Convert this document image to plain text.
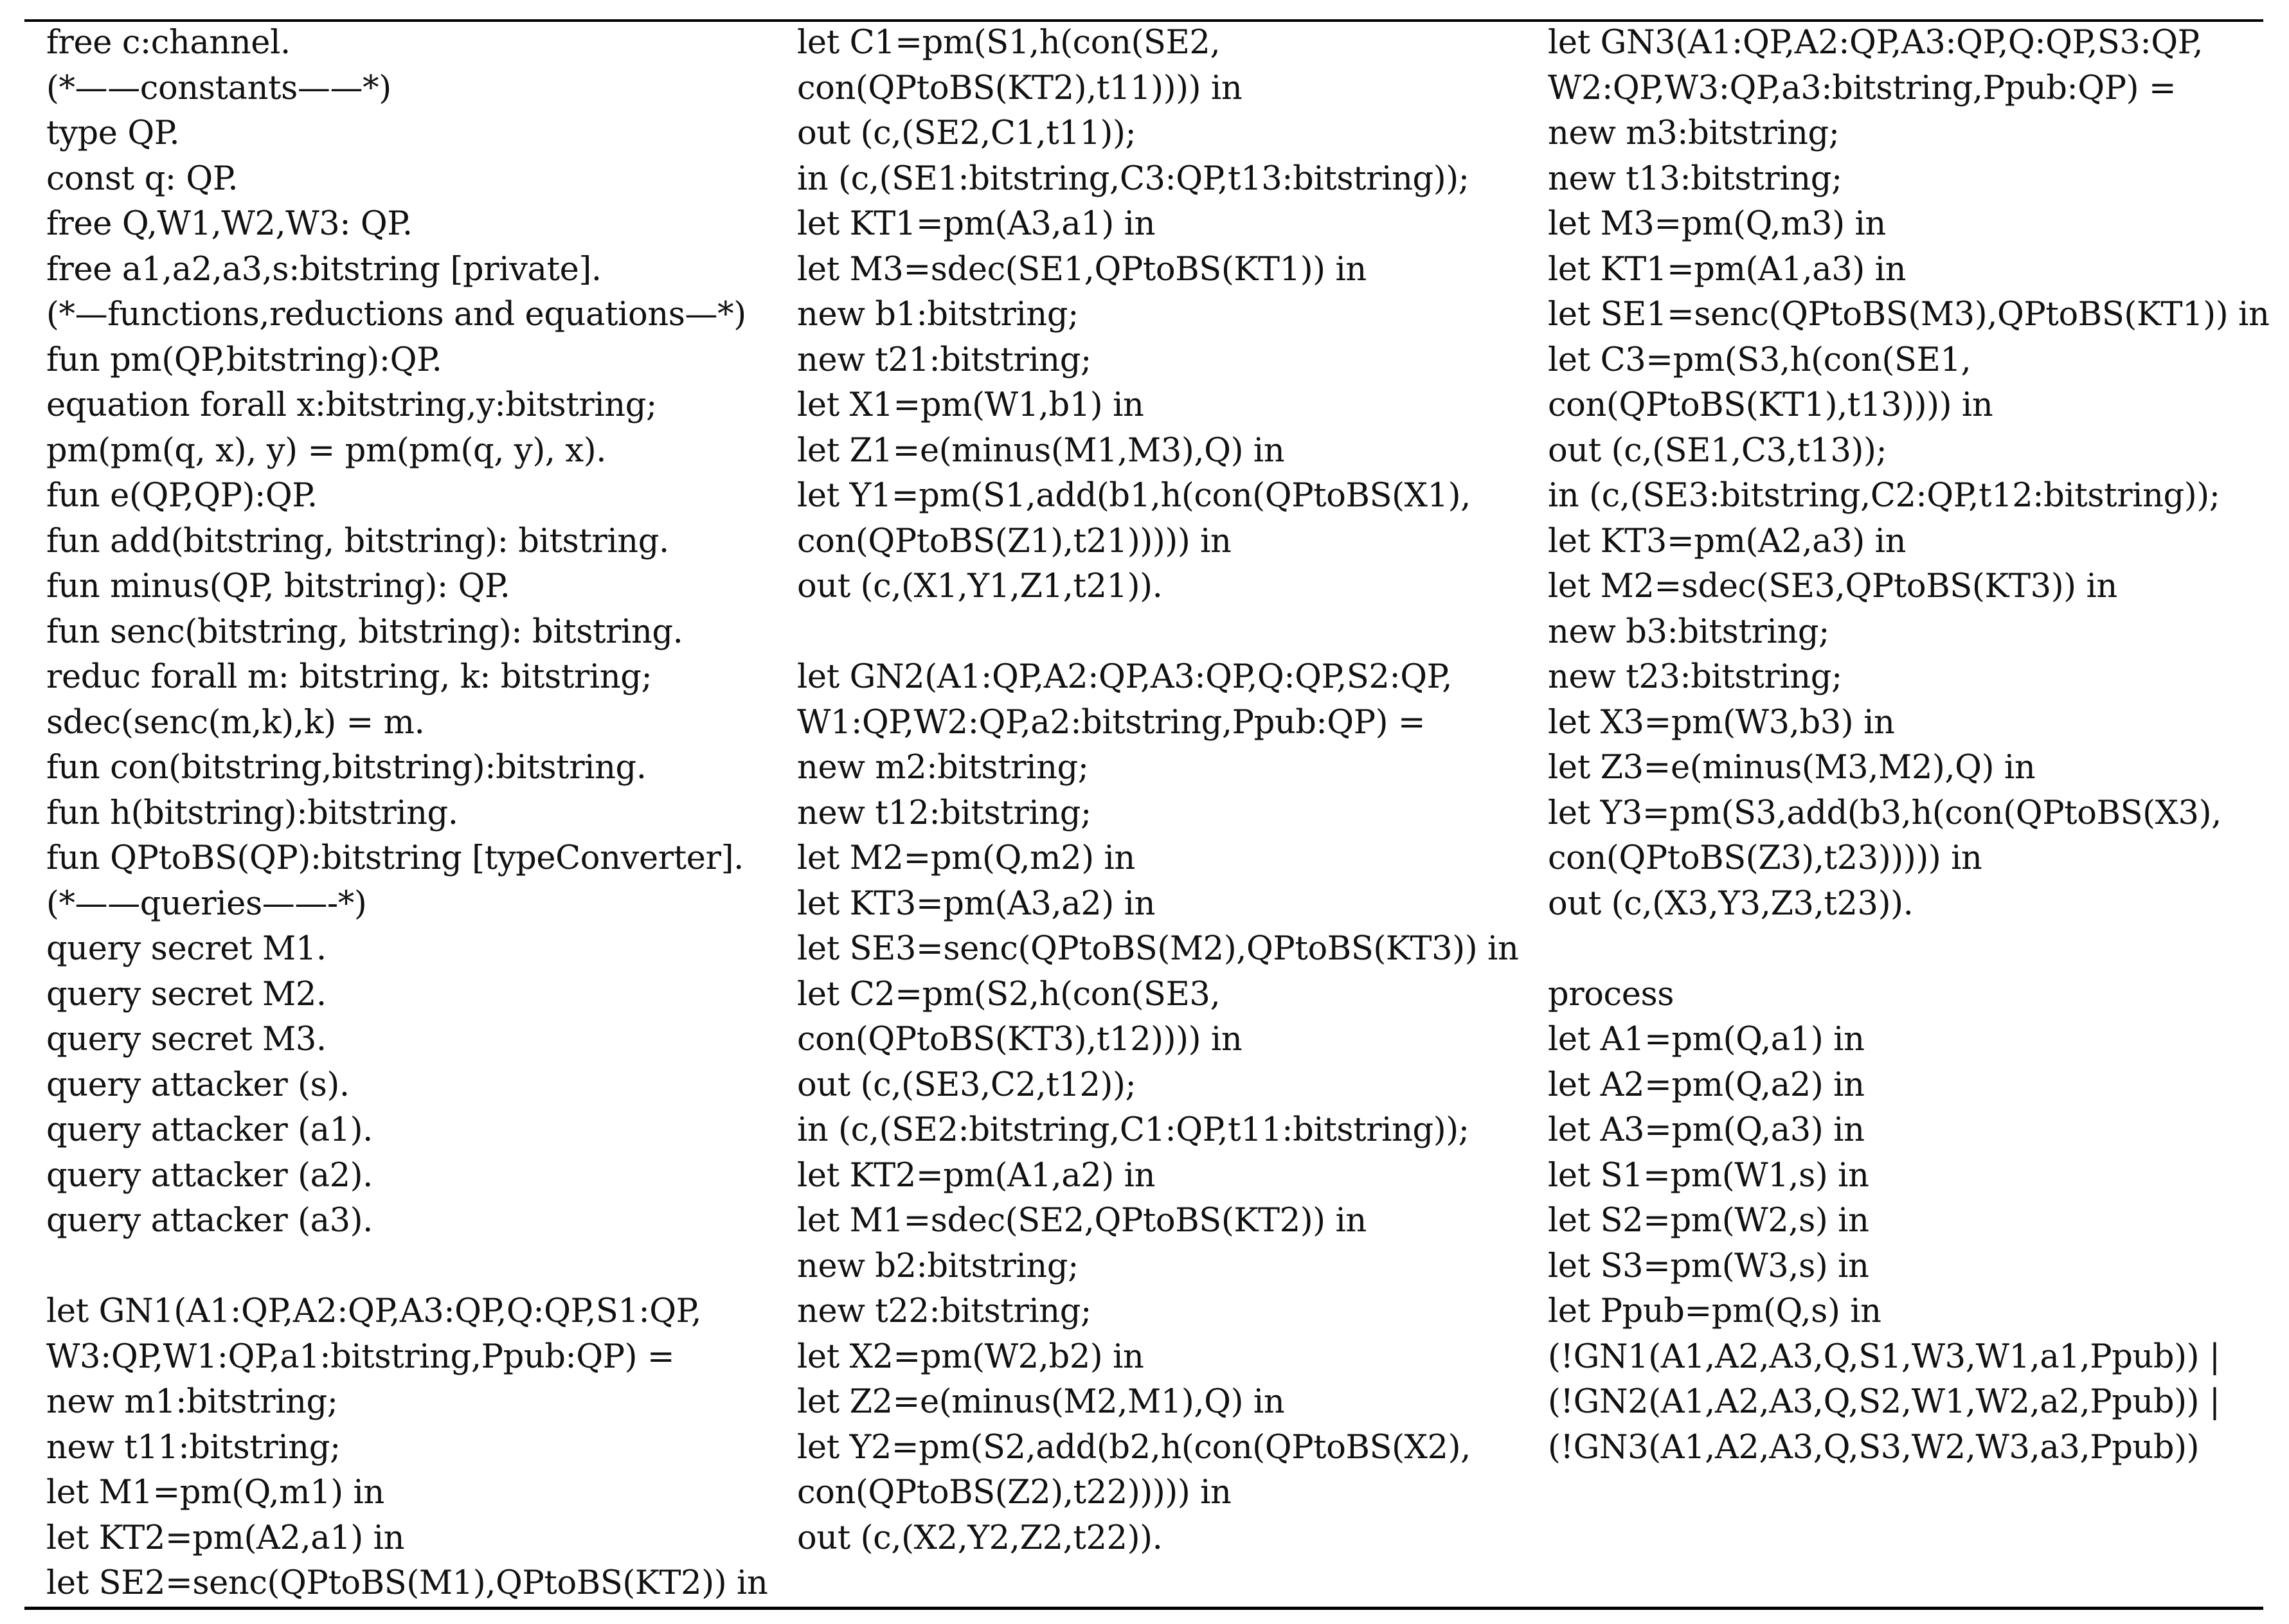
free c:channel.
(*——constants——*)
type QP.
const q: QP.
free Q,W1,W2,W3: QP.
free a1,a2,a3,s:bitstring [private].
(*—functions,reductions and equations—*)
fun pm(QP,bitstring):QP.
equation forall x:bitstring,y:bitstring;
pm(pm(q, x), y) = pm(pm(q, y), x).
fun e(QP,QP):QP.
fun add(bitstring, bitstring): bitstring.
fun minus(QP, bitstring): QP.
fun senc(bitstring, bitstring): bitstring.
reduc forall m: bitstring, k: bitstring;
sdec(senc(m,k),k) = m.
fun con(bitstring,bitstring):bitstring.
fun h(bitstring):bitstring.
fun QPtoBS(QP):bitstring [typeConverter].
(*——queries——-*)
query secret M1.
query secret M2.
query secret M3.
query attacker (s).
query attacker (a1).
query attacker (a2).
query attacker (a3).
let GN1(A1:QP,A2:QP,A3:QP,Q:QP,S1:QP,
W3:QP,W1:QP,a1:bitstring,Ppub:QP) =
new m1:bitstring;
new t11:bitstring;
let M1=pm(Q,m1) in
let KT2=pm(A2,a1) in
let SE2=senc(QPtoBS(M1),QPtoBS(KT2)) in
let C1=pm(S1,h(con(SE2,
con(QPtoBS(KT2),t11)))) in
out (c,(SE2,C1,t11));
in (c,(SE1:bitstring,C3:QP,t13:bitstring));
let KT1=pm(A3,a1) in
let M3=sdec(SE1,QPtoBS(KT1)) in
new b1:bitstring;
new t21:bitstring;
let X1=pm(W1,b1) in
let Z1=e(minus(M1,M3),Q) in
let Y1=pm(S1,add(b1,h(con(QPtoBS(X1),
con(QPtoBS(Z1),t21))))) in
out (c,(X1,Y1,Z1,t21)).
let GN2(A1:QP,A2:QP,A3:QP,Q:QP,S2:QP,
W1:QP,W2:QP,a2:bitstring,Ppub:QP) =
new m2:bitstring;
new t12:bitstring;
let M2=pm(Q,m2) in
let KT3=pm(A3,a2) in
let SE3=senc(QPtoBS(M2),QPtoBS(KT3)) in
let C2=pm(S2,h(con(SE3,
con(QPtoBS(KT3),t12)))) in
out (c,(SE3,C2,t12));
in (c,(SE2:bitstring,C1:QP,t11:bitstring));
let KT2=pm(A1,a2) in
let M1=sdec(SE2,QPtoBS(KT2)) in
new b2:bitstring;
new t22:bitstring;
let X2=pm(W2,b2) in
let Z2=e(minus(M2,M1),Q) in
let Y2=pm(S2,add(b2,h(con(QPtoBS(X2),
con(QPtoBS(Z2),t22))))) in
out (c,(X2,Y2,Z2,t22)).
let GN3(A1:QP,A2:QP,A3:QP,Q:QP,S3:QP,
W2:QP,W3:QP,a3:bitstring,Ppub:QP) =
new m3:bitstring;
new t13:bitstring;
let M3=pm(Q,m3) in
let KT1=pm(A1,a3) in
let SE1=senc(QPtoBS(M3),QPtoBS(KT1)) in
let C3=pm(S3,h(con(SE1,
con(QPtoBS(KT1),t13)))) in
out (c,(SE1,C3,t13));
in (c,(SE3:bitstring,C2:QP,t12:bitstring));
let KT3=pm(A2,a3) in
let M2=sdec(SE3,QPtoBS(KT3)) in
new b3:bitstring;
new t23:bitstring;
let X3=pm(W3,b3) in
let Z3=e(minus(M3,M2),Q) in
let Y3=pm(S3,add(b3,h(con(QPtoBS(X3),
con(QPtoBS(Z3),t23))))) in
out (c,(X3,Y3,Z3,t23)).
process
let A1=pm(Q,a1) in
let A2=pm(Q,a2) in
let A3=pm(Q,a3) in
let S1=pm(W1,s) in
let S2=pm(W2,s) in
let S3=pm(W3,s) in
let Ppub=pm(Q,s) in
(!GN1(A1,A2,A3,Q,S1,W3,W1,a1,Ppub)) |
(!GN2(A1,A2,A3,Q,S2,W1,W2,a2,Ppub)) |
(!GN3(A1,A2,A3,Q,S3,W2,W3,a3,Ppub))
